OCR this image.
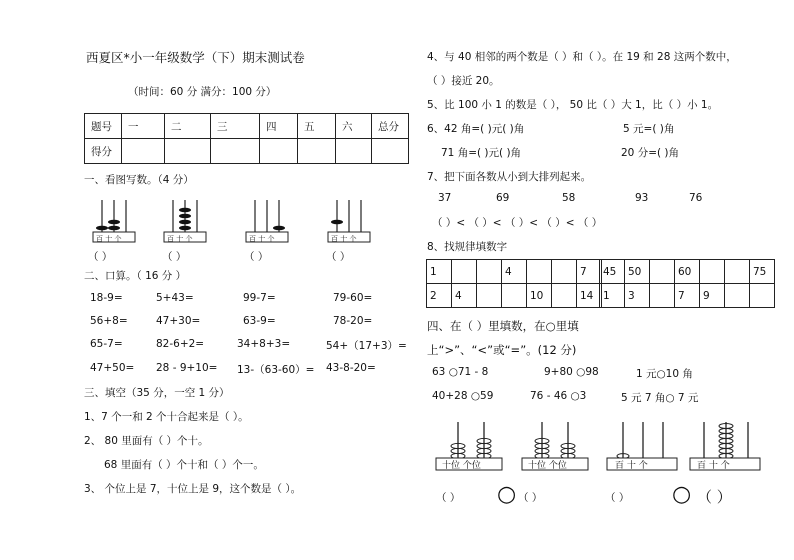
西夏区*小一年级数学（下）期末测试卷
（时间：60 分 满分：100 分）
题号	一	二	三	四	五	六	总分
得分							
一、看图写数。（4 分）
百 十 个	百 十 个	百 十 个	百 十 个
（ ）	（ ）	（ ）	（ ）
二、口算。（ 16 分 ）
18-9=	5+43=	99-7=	79-60=
56+8=	47+30=	63-9=	78-20=
65-7=	82-6+2=	34+8+3=	54+（17+3）=
47+50= 28 - 9+10= 13-（63-60）= 43-8-20=
三、填空（35 分，一空 1 分）
1、7 个一和 2 个十合起来是（ ）。
2、 80 里面有（ ）个十。
68 里面有（ ）个十和（ ）个一。
3、 个位上是 7，十位上是 9，这个数是（ ）。
4、与 40 相邻的两个数是（ ）和（ ）。在 19 和 28 这两个数中，
（ ）接近 20。
5、比 100 小 1 的数是（ ）， 50 比（ ）大 1，比（ ）小 1。
6、42 角=( )元( )角	5 元=( )角
71 角=( )元( )角	20 分=( )角
7、把下面各数从小到大排列起来。
37	69	58	93	76
（ ）< （ ）< （ ）< （ ）< （ ）
8、找规律填数字
1			4			7
2	4			10		14
45	50		60			75
1	3		7	9		
四、在（ ）里填数，在○里填
上“>”、“<”或“=”。(12 分)
63 ○71 - 8	9+80 ○98	1 元○10 角
40+28 ○59	76 - 46 ○3	5 元 7 角○ 7 元
十位 个位	十位 个位	百 十 个	百 十 个
（ ） ○ （ ）	（ ） ○ （ ）
